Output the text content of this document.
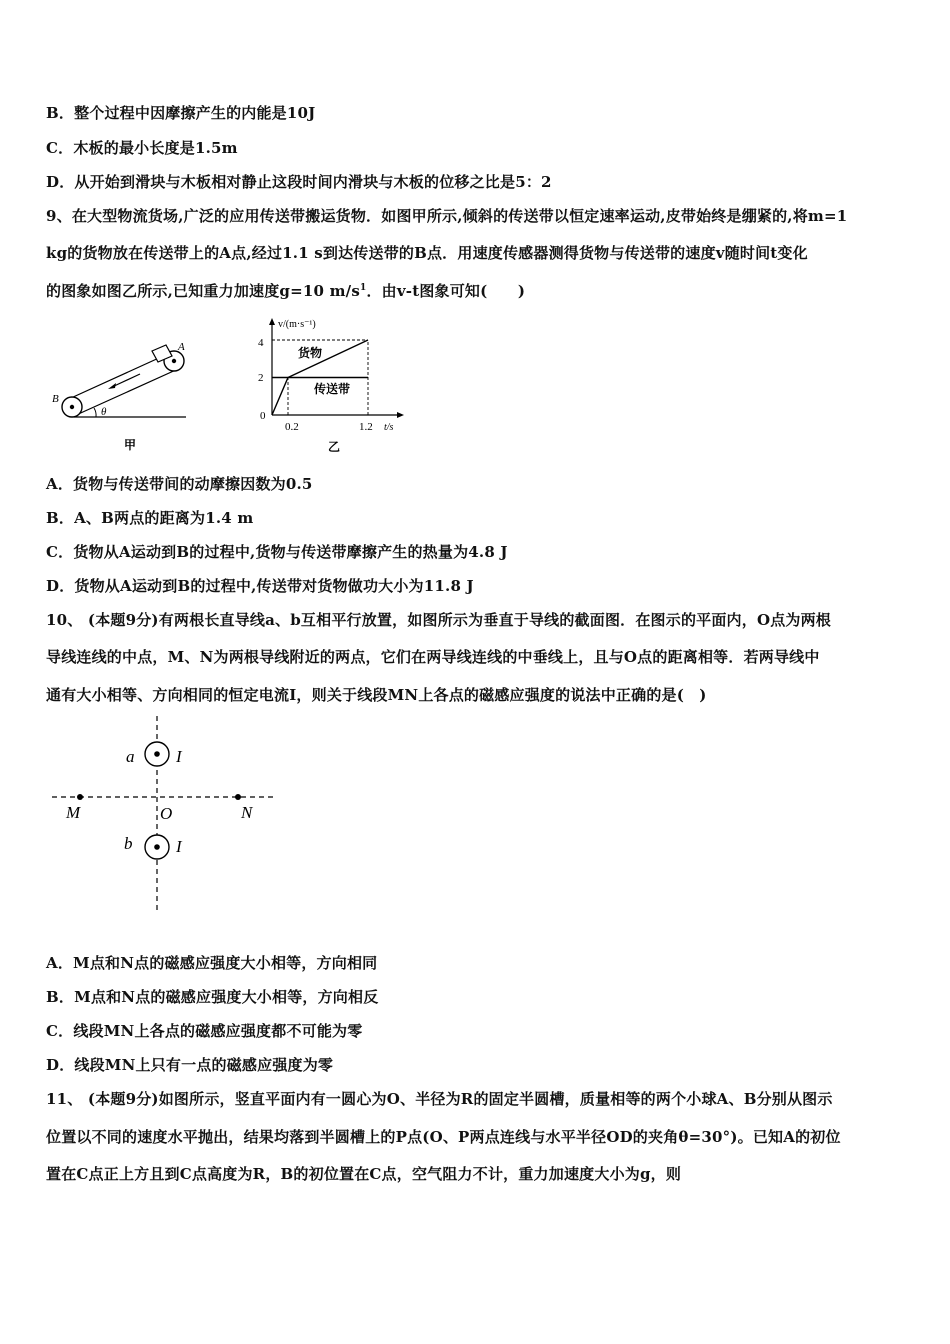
B．整个过程中因摩擦产生的内能是10J
C．木板的最小长度是1.5m
D．从开始到滑块与木板相对静止这段时间内滑块与木板的位移之比是5：2
9、在大型物流货场,广泛的应用传送带搬运货物．如图甲所示,倾斜的传送带以恒定速率运动,皮带始终是绷紧的,将m=1
kg的货物放在传送带上的A点,经过1.1 s到达传送带的B点．用速度传感器测得货物与传送带的速度v随时间t变化
的图象如图乙所示,已知重力加速度g=10 $m/s^1$．由v-t图象可知(　　)
θ
A
B
甲
4
2
0
0.2	1.2
v/(m·s⁻¹)
t/s
货物
传送带
乙
A．货物与传送带间的动摩擦因数为0.5
B．A、B两点的距离为1.4 m
C．货物从A运动到B的过程中,货物与传送带摩擦产生的热量为4.8 J
D．货物从A运动到B的过程中,传送带对货物做功大小为11.8 J
10、 (本题9分)有两根长直导线a、b互相平行放置，如图所示为垂直于导线的截面图．在图示的平面内，O点为两根
导线连线的中点，M、N为两根导线附近的两点，它们在两导线连线的中垂线上，且与O点的距离相等．若两导线中
通有大小相等、方向相同的恒定电流I，则关于线段MN上各点的磁感应强度的说法中正确的是(　)
a I
b	I
M	O	N
A．M点和N点的磁感应强度大小相等，方向相同
B．M点和N点的磁感应强度大小相等，方向相反
C．线段MN上各点的磁感应强度都不可能为零
D．线段MN上只有一点的磁感应强度为零
11、 (本题9分)如图所示，竖直平面内有一圆心为O、半径为R的固定半圆槽，质量相等的两个小球A、B分别从图示
位置以不同的速度水平抛出，结果均落到半圆槽上的P点(O、P两点连线与水平半径OD的夹角θ=30°)。已知A的初位
置在C点正上方且到C点高度为R，B的初位置在C点，空气阻力不计，重力加速度大小为g，则
